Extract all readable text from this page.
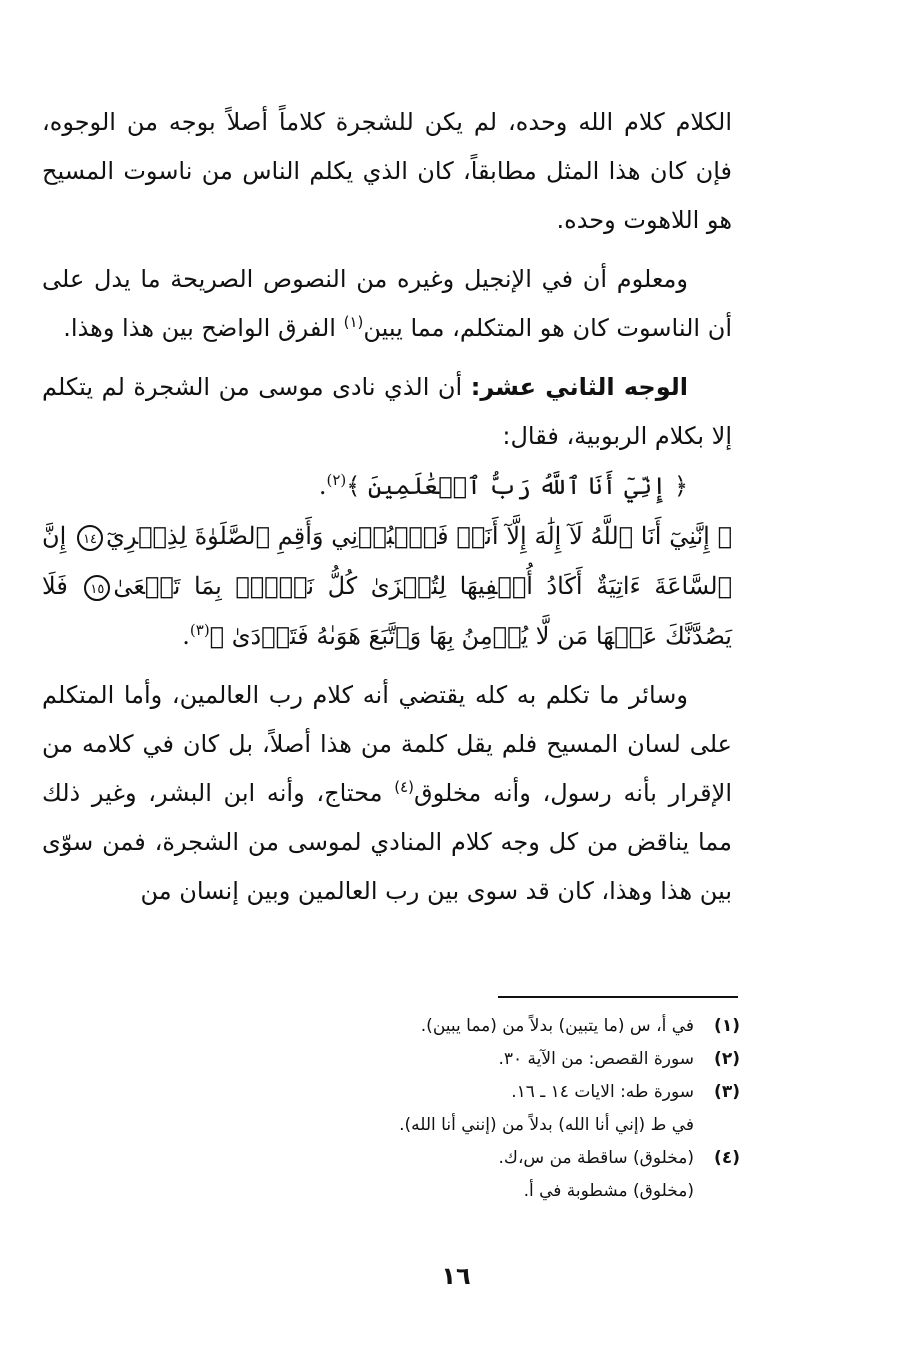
الكلام كلام الله وحده، لم يكن للشجرة كلاماً أصلاً بوجه من الوجوه، فإن كان هذا المثل مطابقاً، كان الذي يكلم الناس من ناسوت المسيح هو اللاهوت وحده.

ومعلوم أن في الإنجيل وغيره من النصوص الصريحة ما يدل على أن الناسوت كان هو المتكلم، مما يبين$^{(١)}$ الفرق الواضح بين هذا وهذا.

الوجه الثاني عشر: أن الذي نادى موسى من الشجرة لم يتكلم إلا بكلام الربوبية، فقال:

﴿ إِنِّيٓ أَنَا ٱللَّهُ رَبُّ ٱلۡعَٰلَمِينَ ﴾$^{(٢)}$.

﴿ إِنَّنِيٓ أَنَا ٱللَّهُ لَآ إِلَٰهَ إِلَّآ أَنَا۠ فَٱعۡبُدۡنِي وَأَقِمِ ٱلصَّلَوٰةَ لِذِكۡرِيٓ١٤ إِنَّ ٱلسَّاعَةَ ءَاتِيَةٌ أَكَادُ أُخۡفِيهَا لِتُجۡزَىٰ كُلُّ نَفۡسِۭ بِمَا تَسۡعَىٰ١٥ فَلَا يَصُدَّنَّكَ عَنۡهَا مَن لَّا يُؤۡمِنُ بِهَا وَٱتَّبَعَ هَوَىٰهُ فَتَرۡدَىٰ ﴾$^{(٣)}$.

وسائر ما تكلم به كله يقتضي أنه كلام رب العالمين، وأما المتكلم على لسان المسيح فلم يقل كلمة من هذا أصلاً، بل كان في كلامه من الإقرار بأنه رسول، وأنه مخلوق$^{(٤)}$ محتاج، وأنه ابن البشر، وغير ذلك مما يناقض من كل وجه كلام المنادي لموسى من الشجرة، فمن سوّى بين هذا وهذا، كان قد سوى بين رب العالمين وبين إنسان من

(١)
في أ، س (ما يتبين) بدلاً من (مما يبين).
(٢)
سورة القصص: من الآية ٣٠.
(٣)
سورة طه: الايات ١٤ ـ ١٦.
في ط (إني أنا الله) بدلاً من (إنني أنا الله).
(٤)
(مخلوق) ساقطة من س،ك.
(مخلوق) مشطوبة في أ.
١٦
